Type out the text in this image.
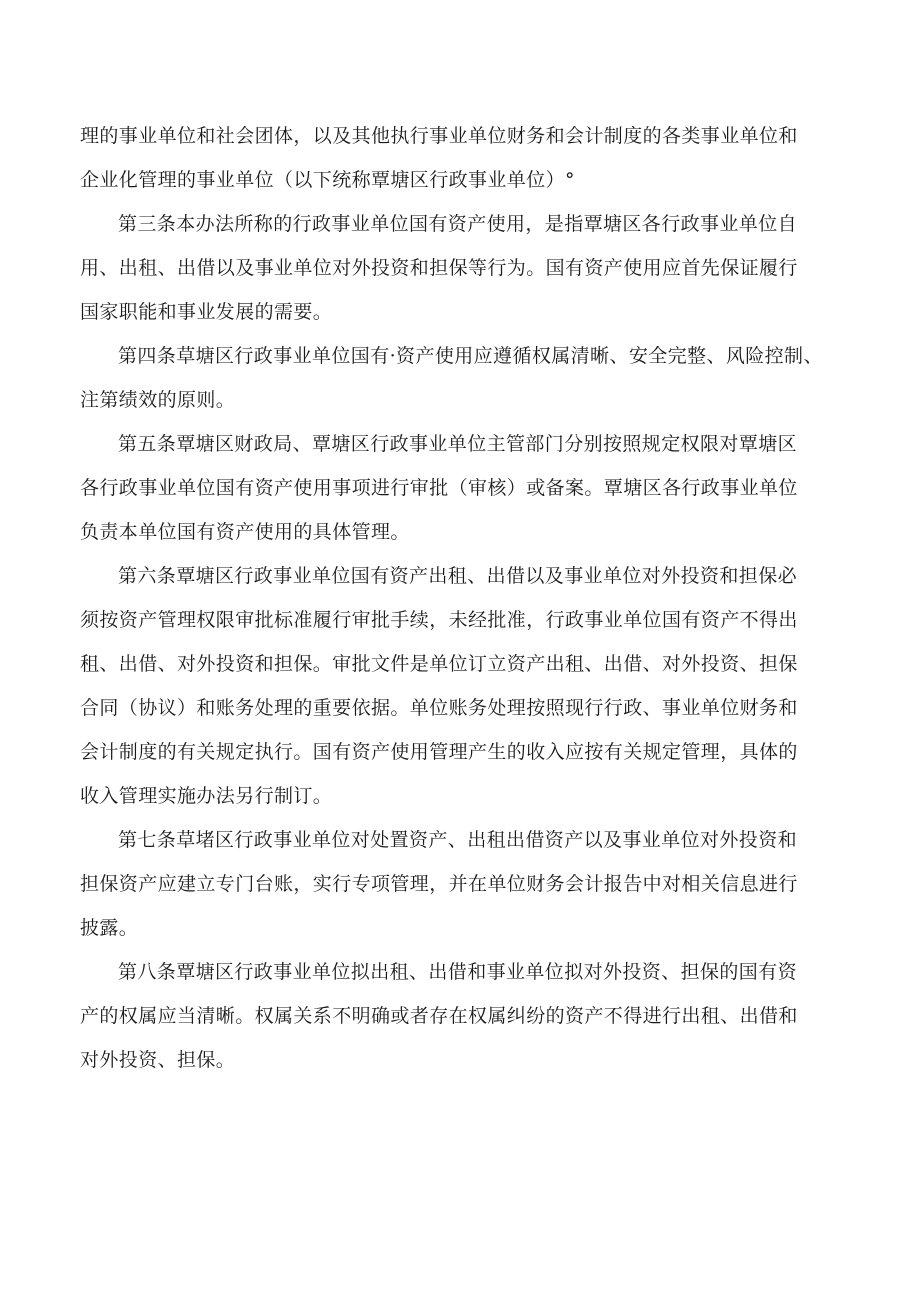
理的事业单位和社会团体，以及其他执行事业单位财务和会计制度的各类事业单位和
企业化管理的事业单位（以下统称覃塘区行政事业单位）°
第三条本办法所称的行政事业单位国有资产使用，是指覃塘区各行政事业单位自
用、出租、出借以及事业单位对外投资和担保等行为。国有资产使用应首先保证履行
国家职能和事业发展的需要。
第四条草塘区行政事业单位国有·资产使用应遵循权属清晰、安全完整、风险控制、
注第绩效的原则。
第五条覃塘区财政局、覃塘区行政事业单位主管部门分别按照规定权限对覃塘区
各行政事业单位国有资产使用事项进行审批（审核）或备案。覃塘区各行政事业单位
负责本单位国有资产使用的具体管理。
第六条覃塘区行政事业单位国有资产出租、出借以及事业单位对外投资和担保必
须按资产管理权限审批标准履行审批手续，未经批准，行政事业单位国有资产不得出
租、出借、对外投资和担保。审批文件是单位订立资产出租、出借、对外投资、担保
合同（协议）和账务处理的重要依据。单位账务处理按照现行行政、事业单位财务和
会计制度的有关规定执行。国有资产使用管理产生的收入应按有关规定管理，具体的
收入管理实施办法另行制订。
第七条草堵区行政事业单位对处置资产、出租出借资产以及事业单位对外投资和
担保资产应建立专门台账，实行专项管理，并在单位财务会计报告中对相关信息进行
披露。
第八条覃塘区行政事业单位拟出租、出借和事业单位拟对外投资、担保的国有资
产的权属应当清晰。权属关系不明确或者存在权属纠纷的资产不得进行出租、出借和
对外投资、担保。
